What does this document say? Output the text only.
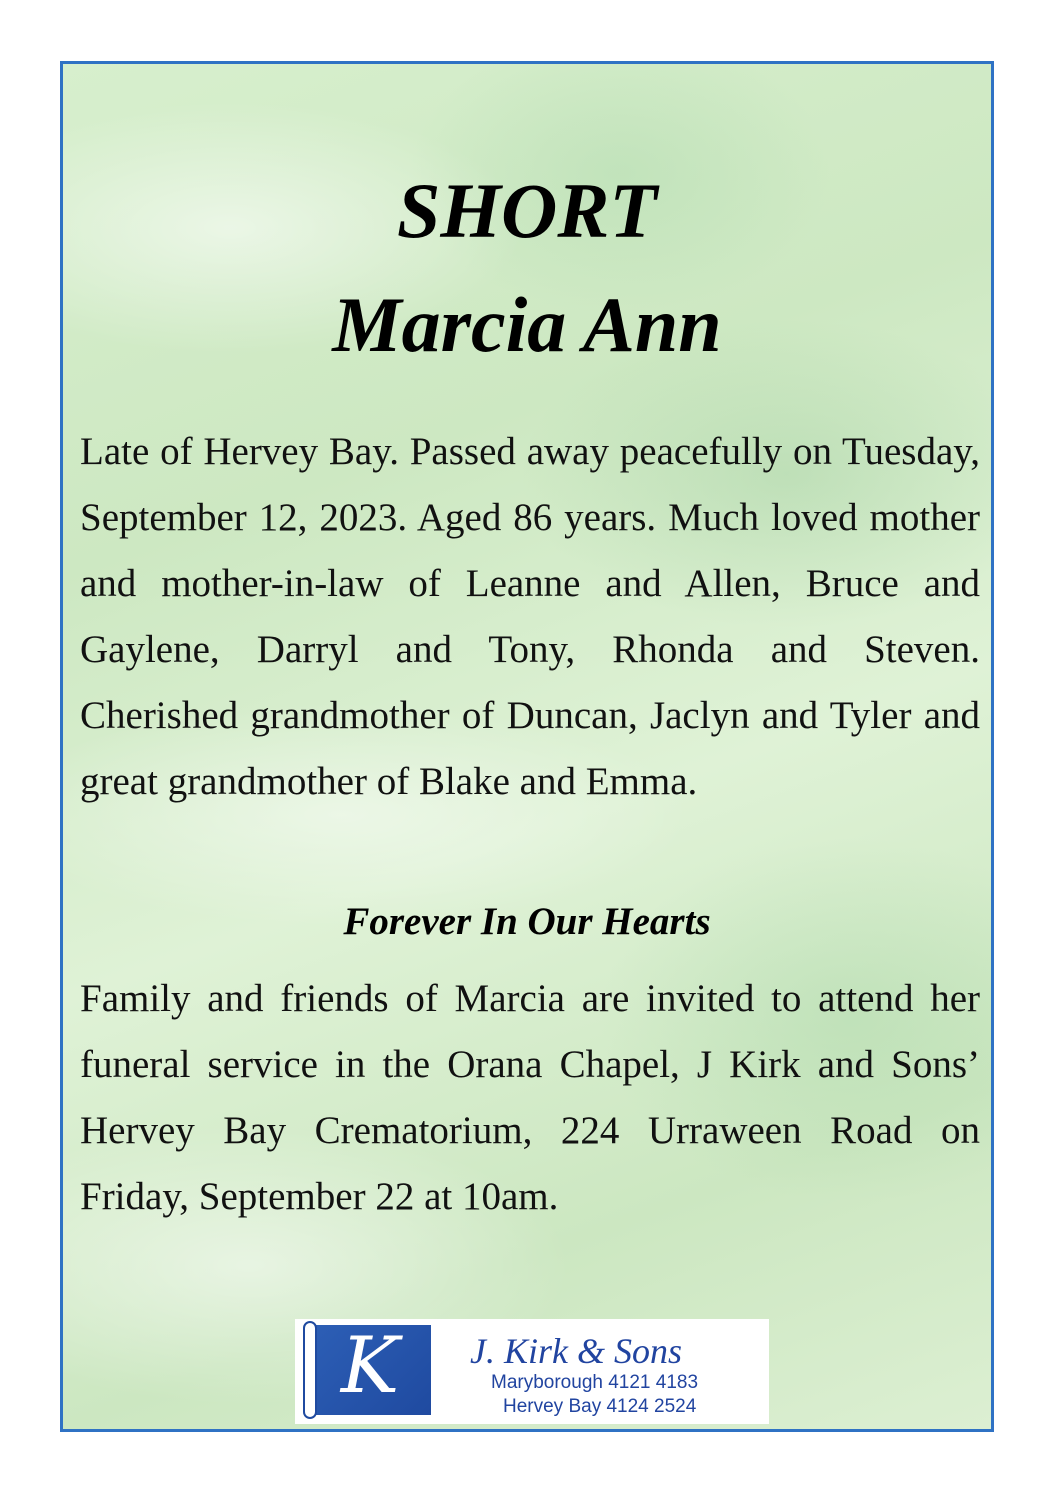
SHORT
Marcia Ann

Late of Hervey Bay. Passed away peacefully on Tuesday, September 12, 2023. Aged 86 years. Much loved mother and mother-in-law of Leanne and Allen, Bruce and Gaylene, Darryl and Tony, Rhonda and Steven. Cherished grandmother of Duncan, Jaclyn and Tyler and great grandmother of Blake and Emma.

Forever In Our Hearts

Family and friends of Marcia are invited to attend her funeral service in the Orana Chapel, J Kirk and Sons’ Hervey Bay Crematorium, 224 Urraween Road on Friday, September 22 at 10am.

K	J. Kirk & Sons
Maryborough 4121 4183
Hervey Bay 4124 2524
